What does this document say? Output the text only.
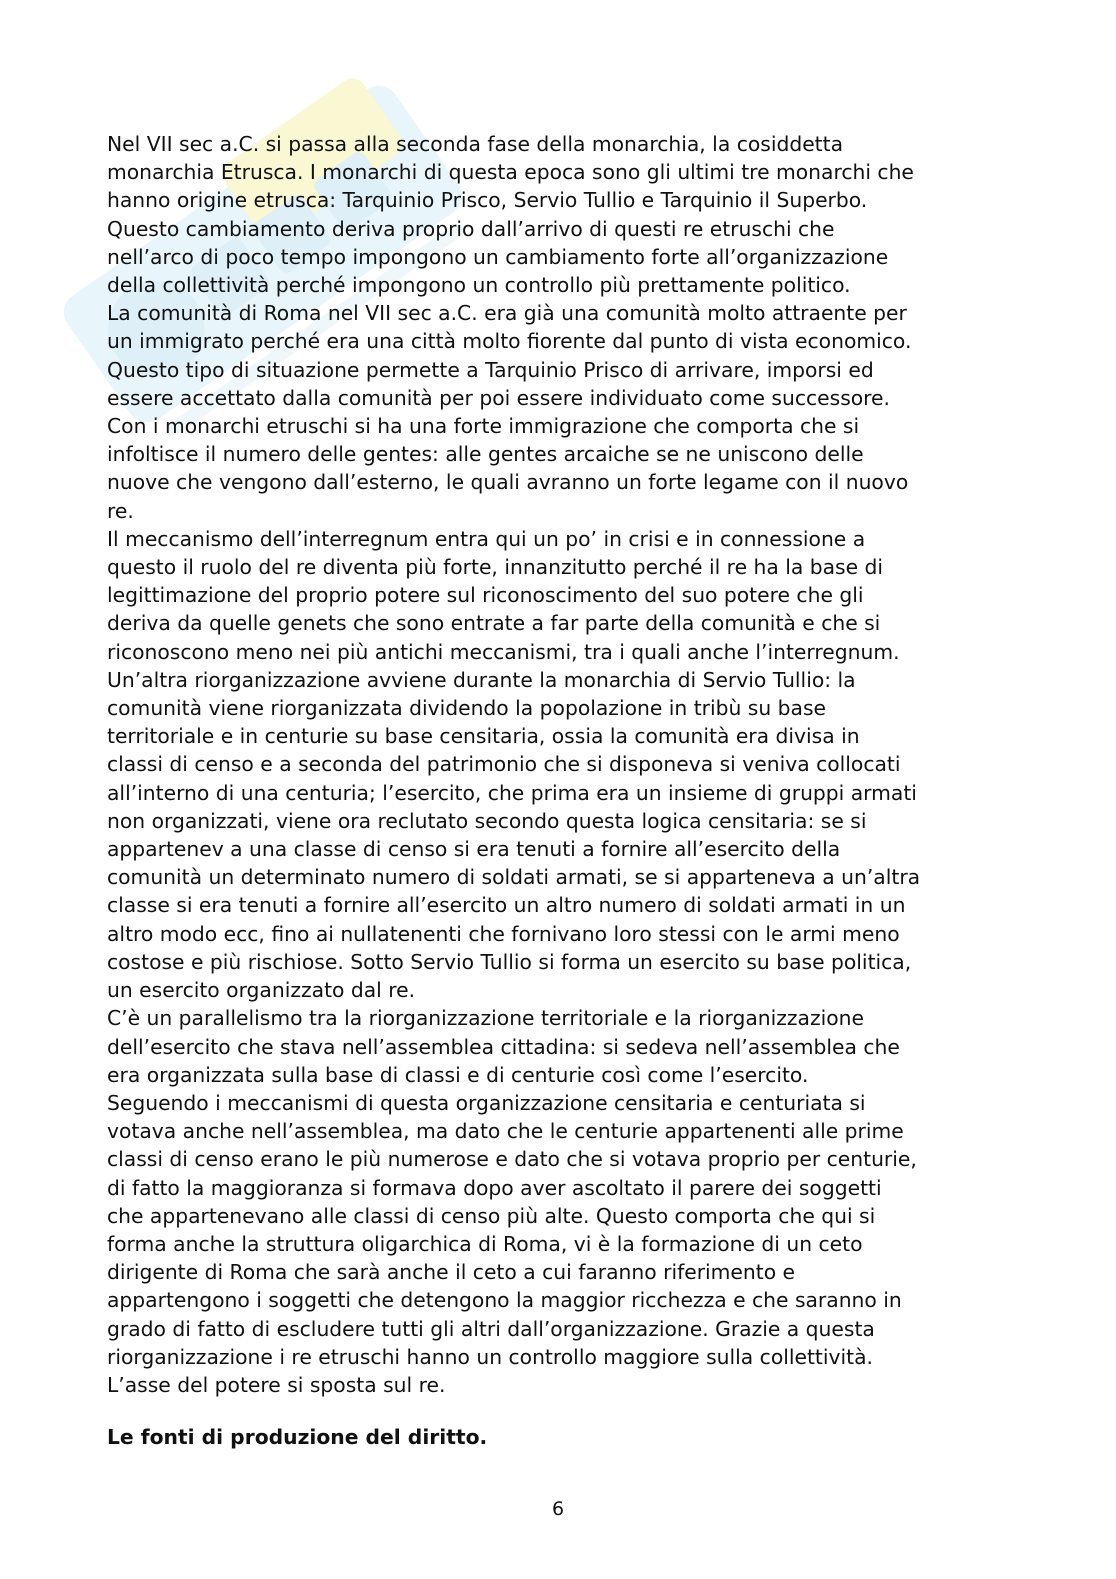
Nel VII sec a.C. si passa alla seconda fase della monarchia, la cosiddetta
monarchia Etrusca. I monarchi di questa epoca sono gli ultimi tre monarchi che
hanno origine etrusca: Tarquinio Prisco, Servio Tullio e Tarquinio il Superbo.
Questo cambiamento deriva proprio dall’arrivo di questi re etruschi che
nell’arco di poco tempo impongono un cambiamento forte all’organizzazione
della collettività perché impongono un controllo più prettamente politico.

La comunità di Roma nel VII sec a.C. era già una comunità molto attraente per
un immigrato perché era una città molto fiorente dal punto di vista economico.
Questo tipo di situazione permette a Tarquinio Prisco di arrivare, imporsi ed
essere accettato dalla comunità per poi essere individuato come successore.

Con i monarchi etruschi si ha una forte immigrazione che comporta che si
infoltisce il numero delle gentes: alle gentes arcaiche se ne uniscono delle
nuove che vengono dall’esterno, le quali avranno un forte legame con il nuovo
re.

Il meccanismo dell’interregnum entra qui un po’ in crisi e in connessione a
questo il ruolo del re diventa più forte, innanzitutto perché il re ha la base di
legittimazione del proprio potere sul riconoscimento del suo potere che gli
deriva da quelle genets che sono entrate a far parte della comunità e che si
riconoscono meno nei più antichi meccanismi, tra i quali anche l’interregnum.

Un’altra riorganizzazione avviene durante la monarchia di Servio Tullio: la
comunità viene riorganizzata dividendo la popolazione in tribù su base
territoriale e in centurie su base censitaria, ossia la comunità era divisa in
classi di censo e a seconda del patrimonio che si disponeva si veniva collocati
all’interno di una centuria; l’esercito, che prima era un insieme di gruppi armati
non organizzati, viene ora reclutato secondo questa logica censitaria: se si
appartenev a una classe di censo si era tenuti a fornire all’esercito della
comunità un determinato numero di soldati armati, se si apparteneva a un’altra
classe si era tenuti a fornire all’esercito un altro numero di soldati armati in un
altro modo ecc, fino ai nullatenenti che fornivano loro stessi con le armi meno
costose e più rischiose. Sotto Servio Tullio si forma un esercito su base politica,
un esercito organizzato dal re.

C’è un parallelismo tra la riorganizzazione territoriale e la riorganizzazione
dell’esercito che stava nell’assemblea cittadina: si sedeva nell’assemblea che
era organizzata sulla base di classi e di centurie così come l’esercito.
Seguendo i meccanismi di questa organizzazione censitaria e centuriata si
votava anche nell’assemblea, ma dato che le centurie appartenenti alle prime
classi di censo erano le più numerose e dato che si votava proprio per centurie,
di fatto la maggioranza si formava dopo aver ascoltato il parere dei soggetti
che appartenevano alle classi di censo più alte. Questo comporta che qui si
forma anche la struttura oligarchica di Roma, vi è la formazione di un ceto
dirigente di Roma che sarà anche il ceto a cui faranno riferimento e
appartengono i soggetti che detengono la maggior ricchezza e che saranno in
grado di fatto di escludere tutti gli altri dall’organizzazione. Grazie a questa
riorganizzazione i re etruschi hanno un controllo maggiore sulla collettività.
L’asse del potere si sposta sul re.

Le fonti di produzione del diritto.

6
